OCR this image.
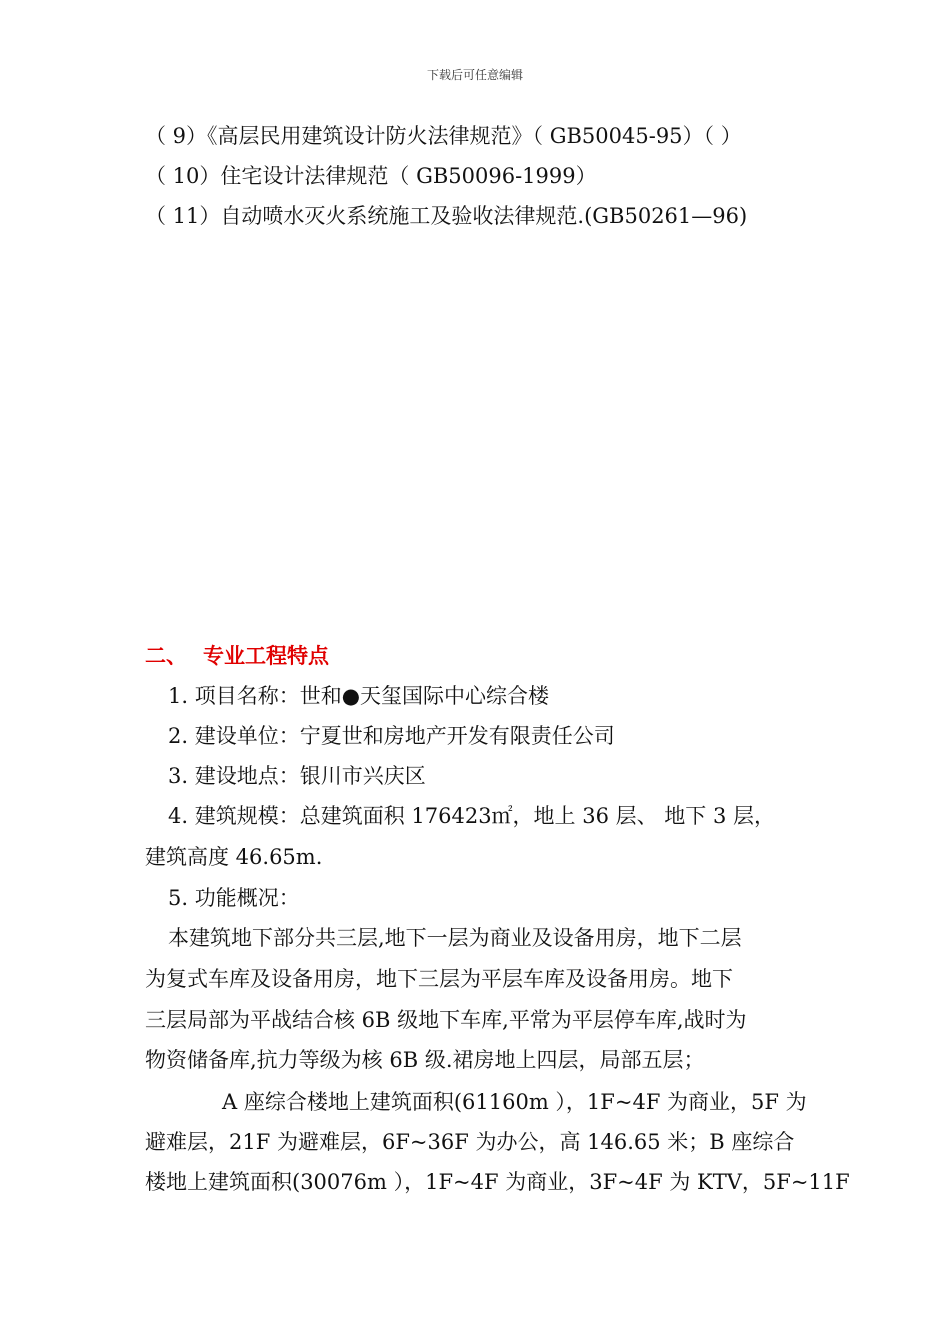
下载后可任意编辑
（ 9）《高层民用建筑设计防火法律规范》（ GB50045-95）（ ）
（ 10）住宅设计法律规范（ GB50096-1999）
（ 11）自动喷水灭火系统施工及验收法律规范.(GB50261—96)
二、 专业工程特点
1. 项目名称：世和●天玺国际中心综合楼
2. 建设单位：宁夏世和房地产开发有限责任公司
3. 建设地点：银川市兴庆区
4. 建筑规模：总建筑面积 176423㎡，地上 36 层、 地下 3 层，
建筑高度 46.65m.
5. 功能概况：
本建筑地下部分共三层,地下一层为商业及设备用房，地下二层
为复式车库及设备用房，地下三层为平层车库及设备用房。地下
三层局部为平战结合核 6B 级地下车库,平常为平层停车库,战时为
物资储备库,抗力等级为核 6B 级.裙房地上四层，局部五层；
A 座综合楼地上建筑面积(61160m ），1F~4F 为商业，5F 为
避难层，21F 为避难层，6F~36F 为办公，高 146.65 米；B 座综合
楼地上建筑面积(30076m ），1F~4F 为商业，3F~4F 为 KTV，5F~11F
